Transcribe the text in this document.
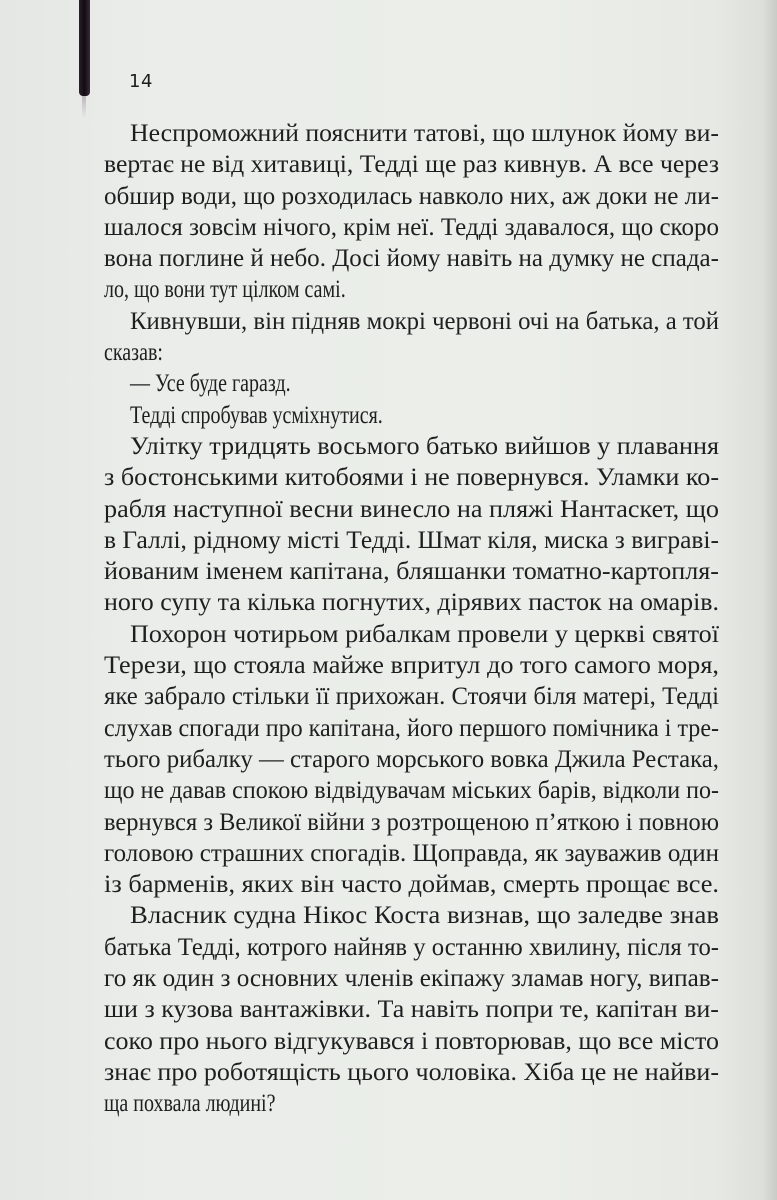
14
Неспроможний пояснити татові, що шлунок йому ви-
вертає не від хитавиці, Тедді ще раз кивнув. А все через
обшир води, що розходилась навколо них, аж доки не ли-
шалося зовсім нічого, крім неї. Тедді здавалося, що скоро
вона поглине й небо. Досі йому навіть на думку не спада-
ло, що вони тут цілком самі.
Кивнувши, він підняв мокрі червоні очі на батька, а той
сказав:
— Усе буде гаразд.
Тедді спробував усміхнутися.
Улітку тридцять восьмого батько вийшов у плавання
з бостонськими китобоями і не повернувся. Уламки ко-
рабля наступної весни винесло на пляжі Нантаскет, що
в Галлі, рідному місті Тедді. Шмат кіля, миска з виграві-
йованим іменем капітана, бляшанки томатно-картопля-
ного супу та кілька погнутих, дірявих пасток на омарів.
Похорон чотирьом рибалкам провели у церкві святої
Терези, що стояла майже впритул до того самого моря,
яке забрало стільки її прихожан. Стоячи біля матері, Тедді
слухав спогади про капітана, його першого помічника і тре-
тього рибалку — старого морського вовка Джила Рестака,
що не давав спокою відвідувачам міських барів, відколи по-
вернувся з Великої війни з розтрощеною п’яткою і повною
головою страшних спогадів. Щоправда, як зауважив один
із барменів, яких він часто доймав, смерть прощає все.
Власник судна Нікос Коста визнав, що заледве знав
батька Тедді, котрого найняв у останню хвилину, після то-
го як один з основних членів екіпажу зламав ногу, випав-
ши з кузова вантажівки. Та навіть попри те, капітан ви-
соко про нього відгукувався і повторював, що все місто
знає про роботящість цього чоловіка. Хіба це не найви-
ща похвала людині?
